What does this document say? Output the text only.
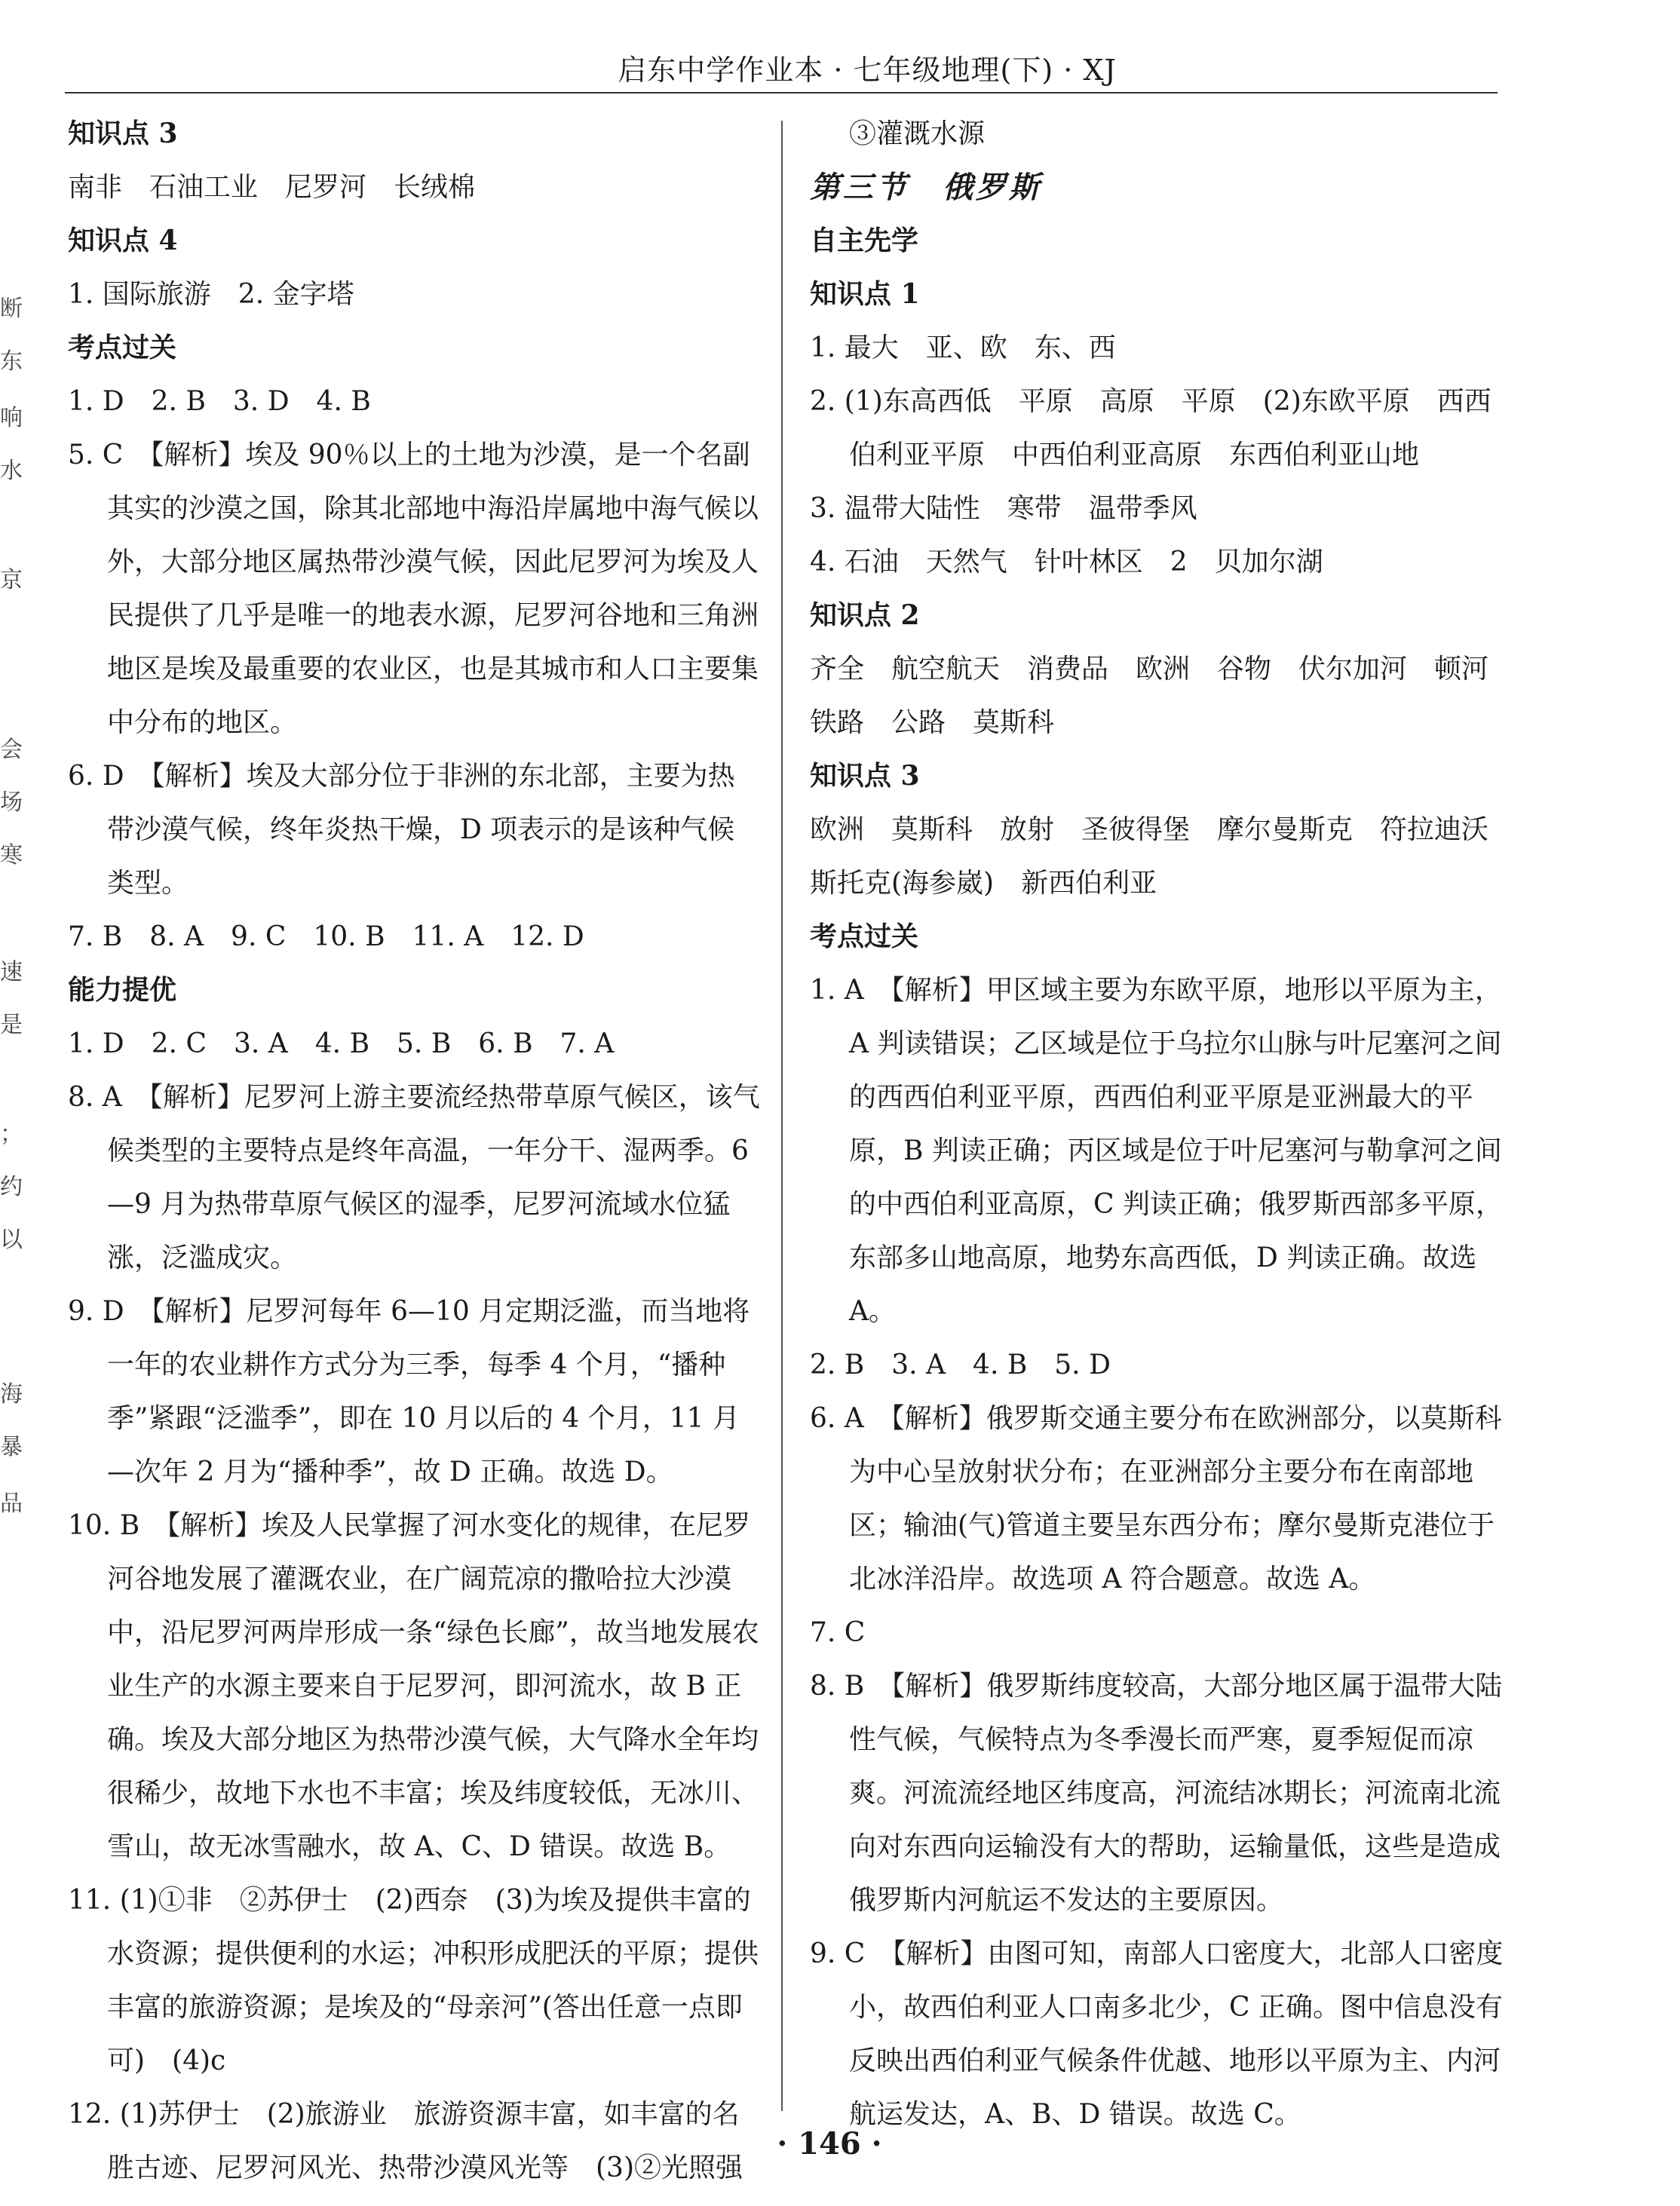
启东中学作业本 · 七年级地理(下) · XJ
断
东
响
水
京
会
场
寒
速
是
；
约
以
海
暴
品

知识点 3

南非　石油工业　尼罗河　长绒棉

知识点 4

1. 国际旅游　2. 金字塔

考点过关

1. D　2. B　3. D　4. B

5. C　【解析】埃及 90％以上的土地为沙漠，是一个名副其实的沙漠之国，除其北部地中海沿岸属地中海气候以外，大部分地区属热带沙漠气候，因此尼罗河为埃及人民提供了几乎是唯一的地表水源，尼罗河谷地和三角洲地区是埃及最重要的农业区，也是其城市和人口主要集中分布的地区。

6. D　【解析】埃及大部分位于非洲的东北部，主要为热带沙漠气候，终年炎热干燥，D 项表示的是该种气候类型。

7. B　8. A　9. C　10. B　11. A　12. D

能力提优

1. D　2. C　3. A　4. B　5. B　6. B　7. A

8. A　【解析】尼罗河上游主要流经热带草原气候区，该气候类型的主要特点是终年高温，一年分干、湿两季。6—9 月为热带草原气候区的湿季，尼罗河流域水位猛涨，泛滥成灾。

9. D　【解析】尼罗河每年 6—10 月定期泛滥，而当地将一年的农业耕作方式分为三季，每季 4 个月，“播种季”紧跟“泛滥季”，即在 10 月以后的 4 个月，11 月—次年 2 月为“播种季”，故 D 正确。故选 D。

10. B　【解析】埃及人民掌握了河水变化的规律，在尼罗河谷地发展了灌溉农业，在广阔荒凉的撒哈拉大沙漠中，沿尼罗河两岸形成一条“绿色长廊”，故当地发展农业生产的水源主要来自于尼罗河，即河流水，故 B 正确。埃及大部分地区为热带沙漠气候，大气降水全年均很稀少，故地下水也不丰富；埃及纬度较低，无冰川、雪山，故无冰雪融水，故 A、C、D 错误。故选 B。

11. (1)①非　②苏伊士　(2)西奈　(3)为埃及提供丰富的水资源；提供便利的水运；冲积形成肥沃的平原；提供丰富的旅游资源；是埃及的“母亲河”(答出任意一点即可)　(4)c

12. (1)苏伊士　(2)旅游业　旅游资源丰富，如丰富的名胜古迹、尼罗河风光、热带沙漠风光等　(3)②光照强

③灌溉水源

第三节　俄罗斯

自主先学

知识点 1

1. 最大　亚、欧　东、西

2. (1)东高西低　平原　高原　平原　(2)东欧平原　西西伯利亚平原　中西伯利亚高原　东西伯利亚山地

3. 温带大陆性　寒带　温带季风

4. 石油　天然气　针叶林区　2　贝加尔湖

知识点 2

齐全　航空航天　消费品　欧洲　谷物　伏尔加河　顿河　铁路　公路　莫斯科

知识点 3

欧洲　莫斯科　放射　圣彼得堡　摩尔曼斯克　符拉迪沃斯托克(海参崴)　新西伯利亚

考点过关

1. A　【解析】甲区域主要为东欧平原，地形以平原为主，A 判读错误；乙区域是位于乌拉尔山脉与叶尼塞河之间的西西伯利亚平原，西西伯利亚平原是亚洲最大的平原，B 判读正确；丙区域是位于叶尼塞河与勒拿河之间的中西伯利亚高原，C 判读正确；俄罗斯西部多平原，东部多山地高原，地势东高西低，D 判读正确。故选 A。

2. B　3. A　4. B　5. D

6. A　【解析】俄罗斯交通主要分布在欧洲部分，以莫斯科为中心呈放射状分布；在亚洲部分主要分布在南部地区；输油(气)管道主要呈东西分布；摩尔曼斯克港位于北冰洋沿岸。故选项 A 符合题意。故选 A。

7. C

8. B　【解析】俄罗斯纬度较高，大部分地区属于温带大陆性气候，气候特点为冬季漫长而严寒，夏季短促而凉爽。河流流经地区纬度高，河流结冰期长；河流南北流向对东西向运输没有大的帮助，运输量低，这些是造成俄罗斯内河航运不发达的主要原因。

9. C　【解析】由图可知，南部人口密度大，北部人口密度小，故西伯利亚人口南多北少，C 正确。图中信息没有反映出西伯利亚气候条件优越、地形以平原为主、内河航运发达，A、B、D 错误。故选 C。

· 146 ·
